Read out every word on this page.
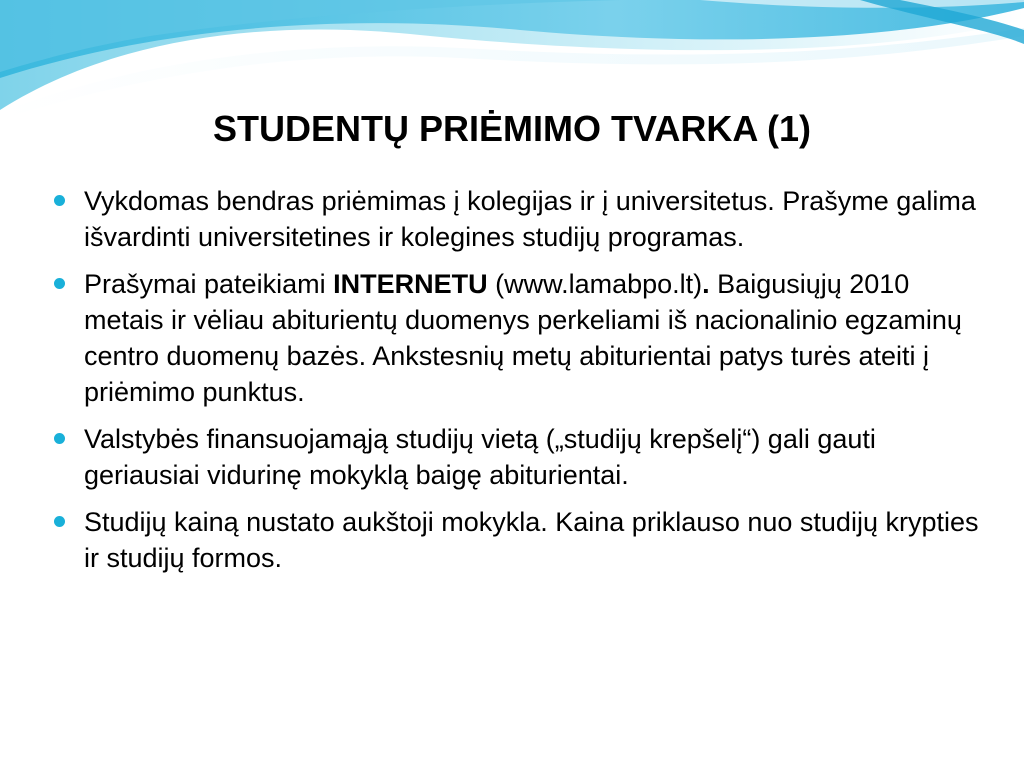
STUDENTŲ PRIĖMIMO TVARKA (1)
Vykdomas bendras priėmimas į kolegijas ir į universitetus. Prašyme galima išvardinti universitetines ir kolegines studijų programas.
Prašymai pateikiami INTERNETU (www.lamabpo.lt). Baigusiųjų 2010 metais ir vėliau abiturientų duomenys perkeliami iš nacionalinio egzaminų centro duomenų bazės. Ankstesnių metų abiturientai patys turės ateiti į priėmimo punktus.
Valstybės finansuojamąją studijų vietą („studijų krepšelį“) gali gauti geriausiai vidurinę mokyklą baigę abiturientai.
Studijų kainą nustato aukštoji mokykla. Kaina priklauso nuo studijų krypties ir studijų formos.
